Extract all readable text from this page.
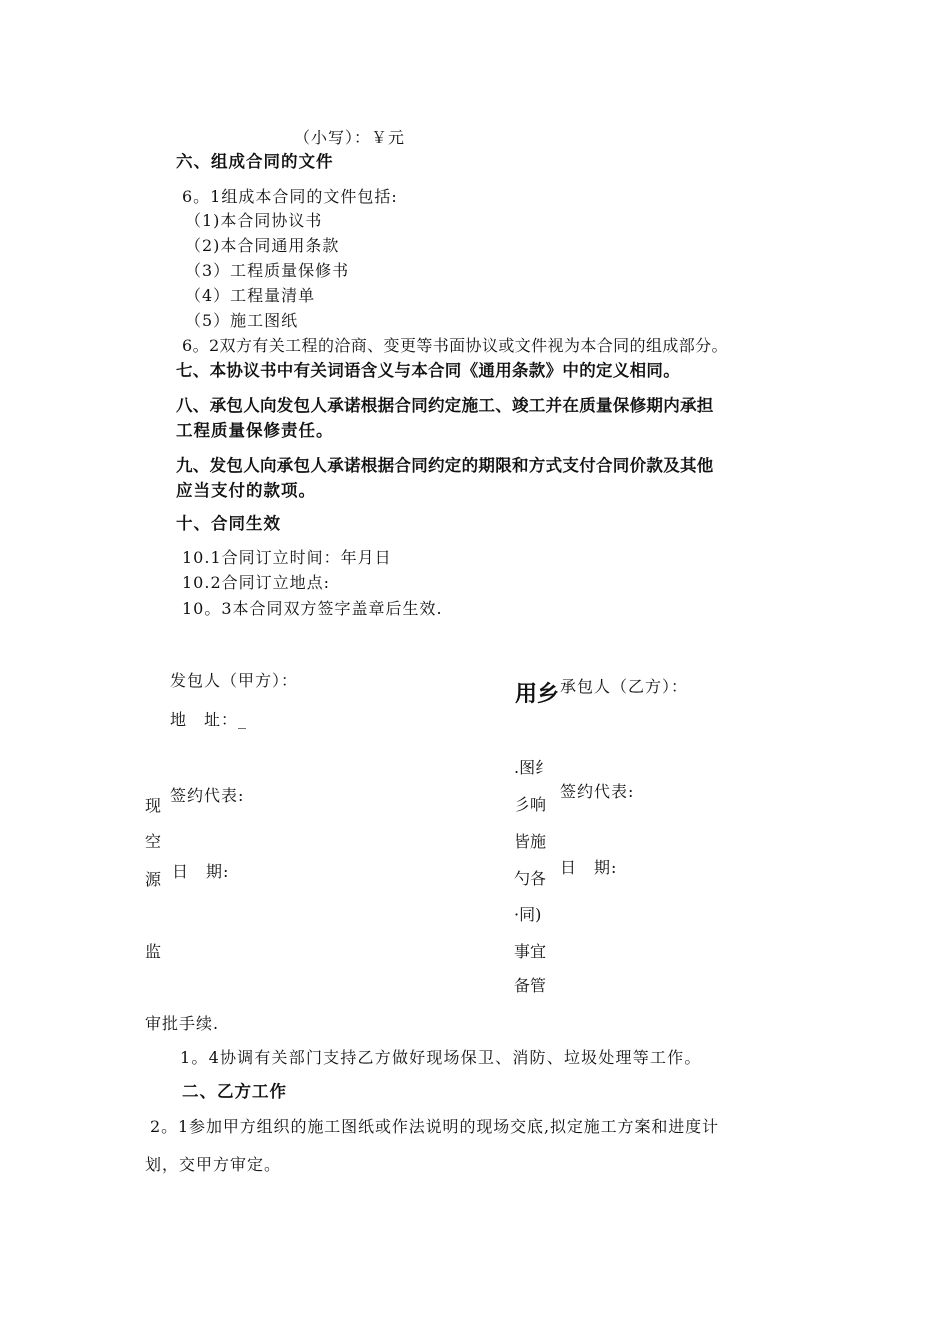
（小写）：￥元
六、组成合同的文件
6。1组成本合同的文件包括:
（1)本合同协议书
（2)本合同通用条款
（3）工程质量保修书
（4）工程量清单
（5）施工图纸
6。2双方有关工程的洽商、变更等书面协议或文件视为本合同的组成部分。
七、本协议书中有关词语含义与本合同《通用条款》中的定义相同。
八、承包人向发包人承诺根据合同约定施工、竣工并在质量保修期内承担
工程质量保修责任。
九、发包人向承包人承诺根据合同约定的期限和方式支付合同价款及其他
应当支付的款项。
十、合同生效
10.1合同订立时间：年月日
10.2合同订立地点:
10。3本合同双方签字盖章后生效.
发包人（甲方）：
地　址：_
签约代表:
日　期:
承包人（乙方）：
签约代表:
日　期:
现
空
源
监
用乡
.图纟
彡响
皆施
勺各
·同)
事宜
备管
审批手续.
1。4协调有关部门支持乙方做好现场保卫、消防、垃圾处理等工作。
二、乙方工作
2。1参加甲方组织的施工图纸或作法说明的现场交底,拟定施工方案和进度计
划，交甲方审定。
